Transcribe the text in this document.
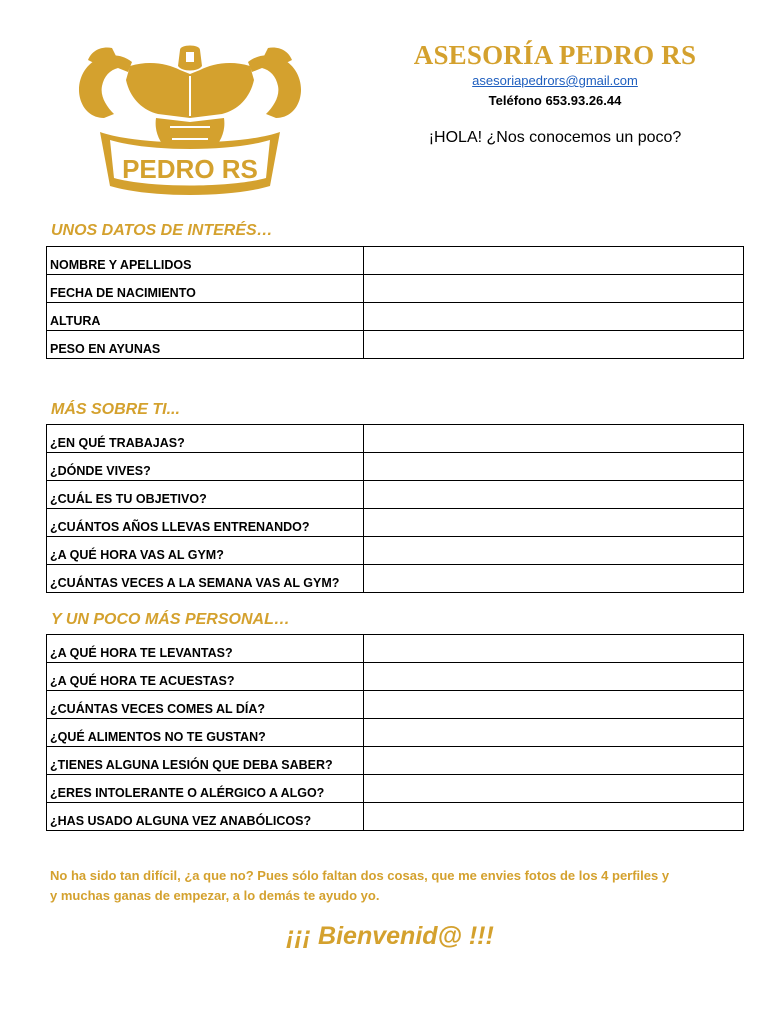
PEDRO RS
ASESORÍA PEDRO RS
asesoriapedrors@gmail.com
Teléfono 653.93.26.44
¡HOLA! ¿Nos conocemos un poco?
UNOS DATOS DE INTERÉS…
NOMBRE Y APELLIDOS	
FECHA DE NACIMIENTO	
ALTURA	
PESO EN AYUNAS	
MÁS SOBRE TI...
¿EN QUÉ TRABAJAS?	
¿DÓNDE VIVES?	
¿CUÁL ES TU OBJETIVO?	
¿CUÁNTOS AÑOS LLEVAS ENTRENANDO?	
¿A QUÉ HORA VAS AL GYM?	
¿CUÁNTAS VECES A LA SEMANA VAS AL GYM?	
Y UN POCO MÁS PERSONAL…
¿A QUÉ HORA TE LEVANTAS?	
¿A QUÉ HORA TE ACUESTAS?	
¿CUÁNTAS VECES COMES AL DÍA?	
¿QUÉ ALIMENTOS NO TE GUSTAN?	
¿TIENES ALGUNA LESIÓN QUE DEBA SABER?	
¿ERES INTOLERANTE O ALÉRGICO A ALGO?	
¿HAS USADO ALGUNA VEZ ANABÓLICOS?	
No ha sido tan difícil, ¿a que no? Pues sólo faltan dos cosas, que me envies fotos de los 4 perfiles y
y muchas ganas de empezar, a lo demás te ayudo yo.
¡¡¡ Bienvenid@ !!!
